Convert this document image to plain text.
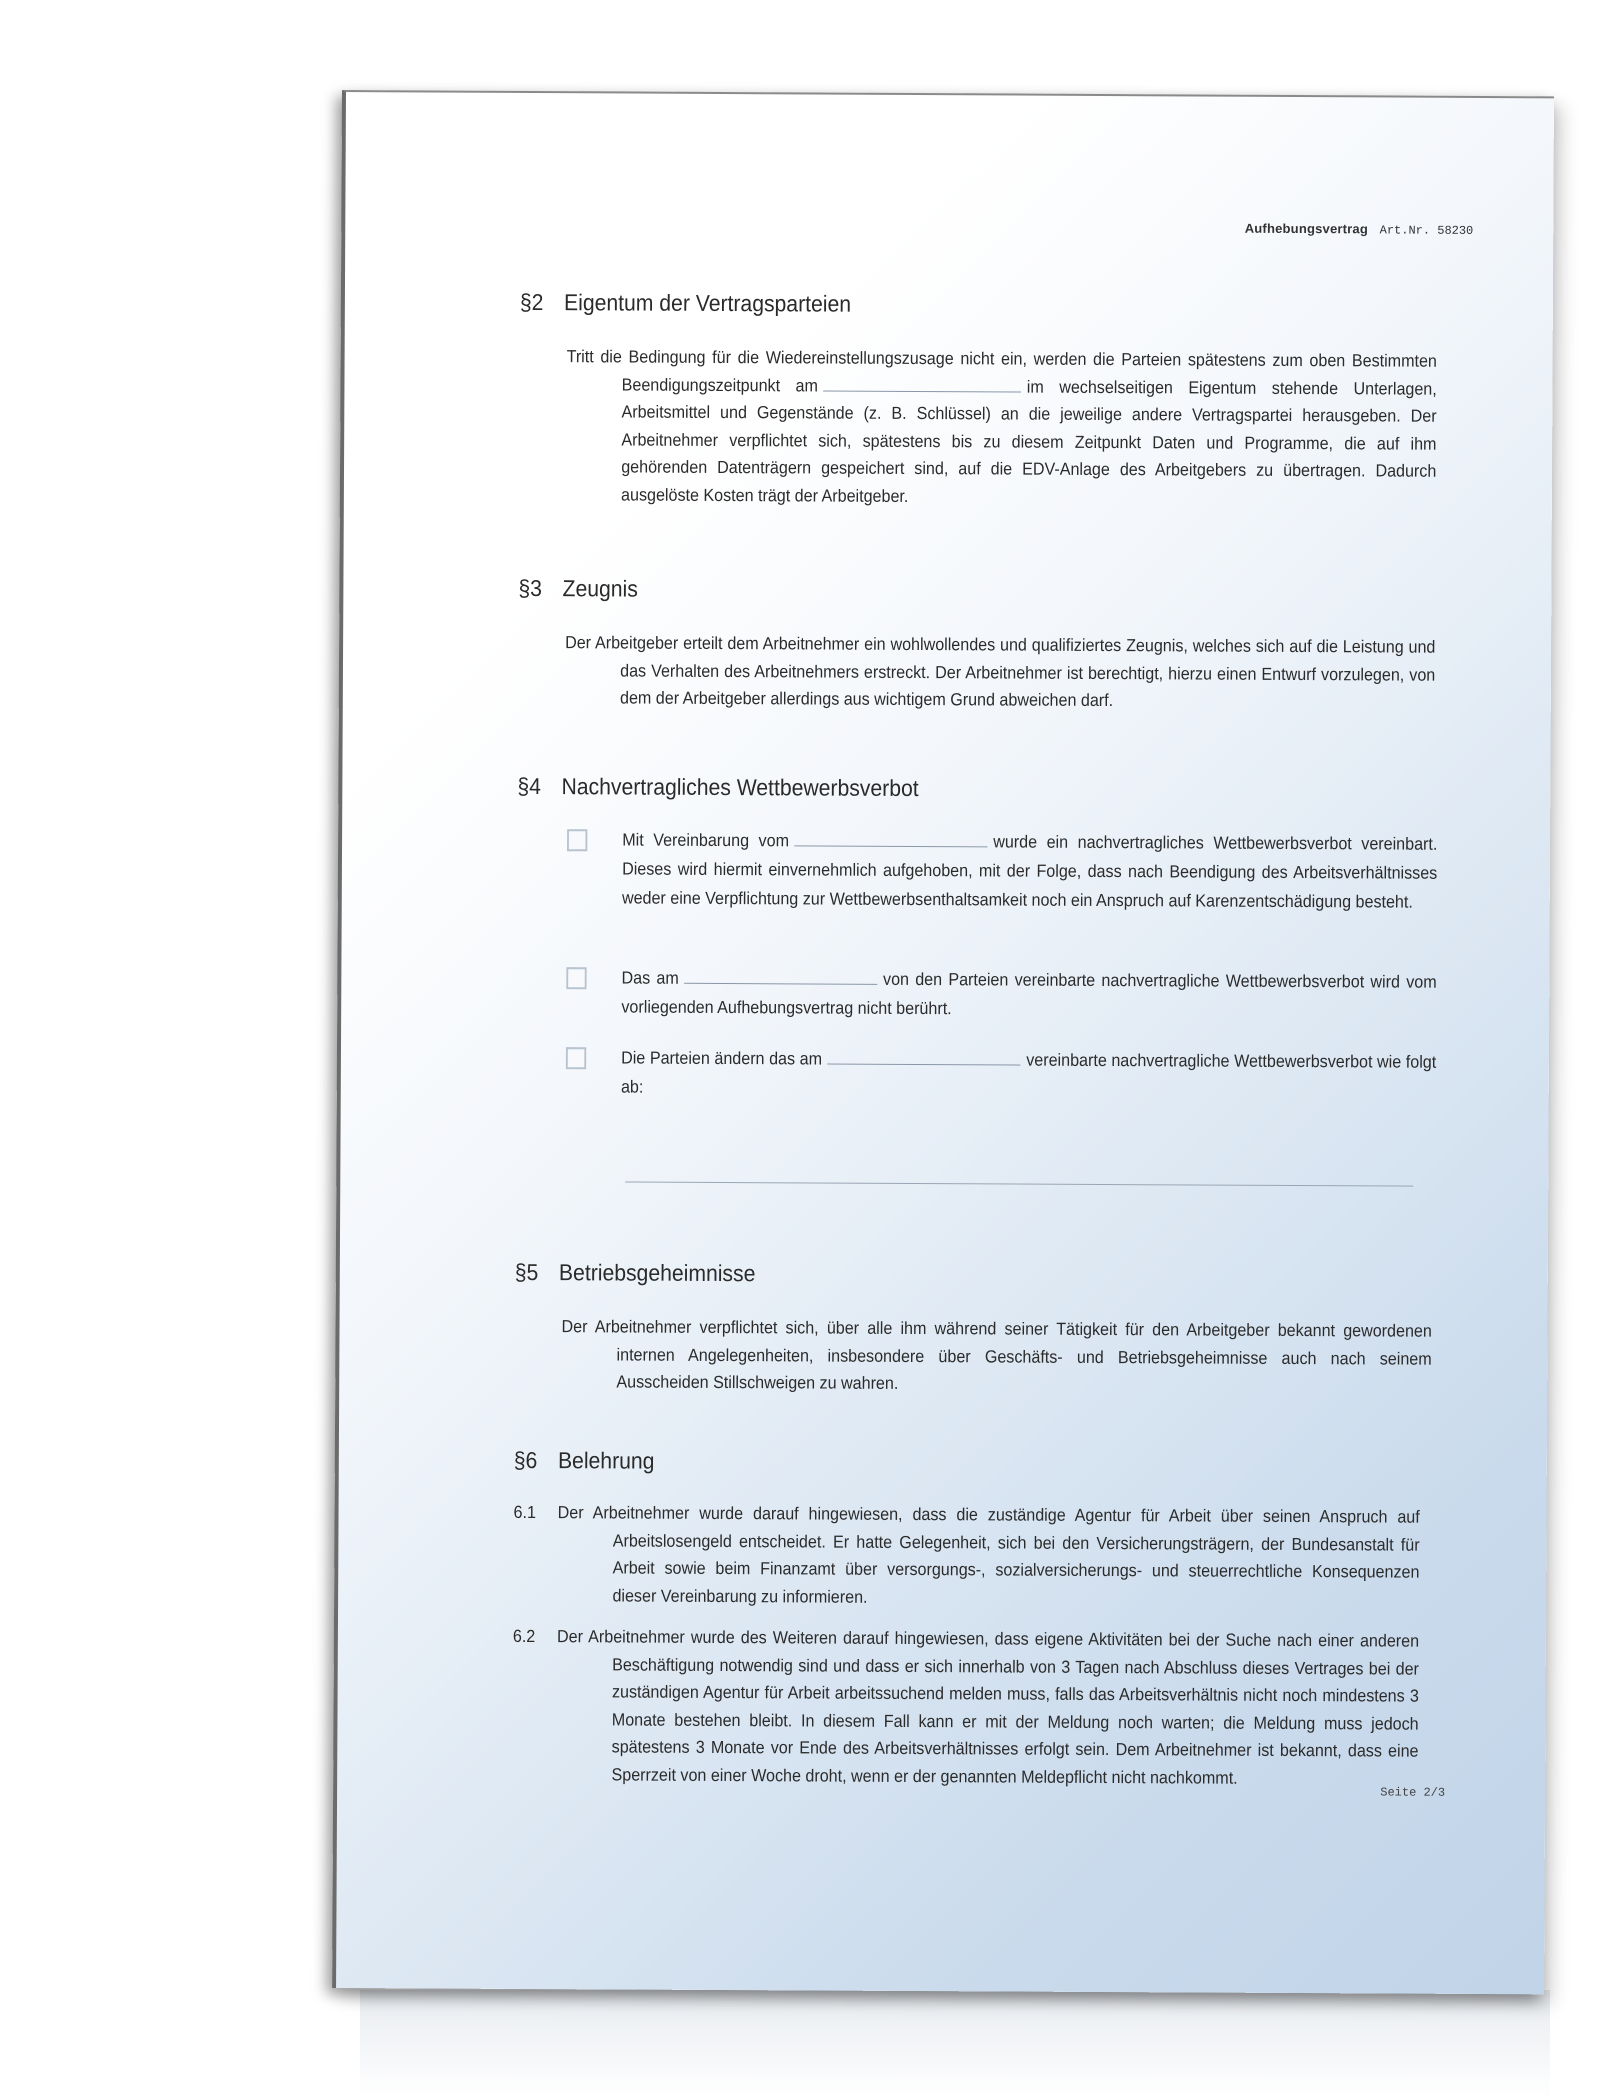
Aufhebungsvertrag Art.Nr. 58230
§2 Eigentum der Vertragsparteien
Tritt die Bedingung für die Wiedereinstellungszusage nicht ein, werden die Parteien spätestens zum oben Bestimmten Beendigungszeitpunkt am	im wechselseitigen Eigentum stehende Unterlagen, Arbeitsmittel und Gegenstände (z. B. Schlüssel) an die jeweilige andere Vertragspartei herausgeben. Der Arbeitnehmer verpflichtet sich, spätestens bis zu diesem Zeitpunkt Daten und Programme, die auf ihm gehörenden Datenträgern gespeichert sind, auf die EDV-Anlage des Arbeitgebers zu übertragen. Dadurch ausgelöste Kosten trägt der Arbeitgeber.
§3 Zeugnis
Der Arbeitgeber erteilt dem Arbeitnehmer ein wohlwollendes und qualifiziertes Zeugnis, welches sich auf die Leistung und das Verhalten des Arbeitnehmers erstreckt. Der Arbeitnehmer ist berechtigt, hierzu einen Entwurf vorzulegen, von dem der Arbeitgeber allerdings aus wichtigem Grund abweichen darf.
§4 Nachvertragliches Wettbewerbsverbot
Mit Vereinbarung vom	wurde ein nachvertragliches Wettbewerbsverbot vereinbart. Dieses wird hiermit einvernehmlich aufgehoben, mit der Folge, dass nach Beendigung des Arbeitsverhältnisses weder eine Verpflichtung zur Wettbewerbsenthaltsamkeit noch ein Anspruch auf Karenzentschädigung besteht.
Das am	von den Parteien vereinbarte nachvertragliche Wettbewerbsverbot wird vom vorliegenden Aufhebungsvertrag nicht berührt.
Die Parteien ändern das am	vereinbarte nachvertragliche Wettbewerbsverbot wie folgt ab:
§5 Betriebsgeheimnisse
Der Arbeitnehmer verpflichtet sich, über alle ihm während seiner Tätigkeit für den Arbeitgeber bekannt gewordenen internen Angelegenheiten, insbesondere über Geschäfts- und Betriebsgeheimnisse auch nach seinem Ausscheiden Stillschweigen zu wahren.
§6 Belehrung
6.1 Der Arbeitnehmer wurde darauf hingewiesen, dass die zuständige Agentur für Arbeit über seinen Anspruch auf Arbeitslosengeld entscheidet. Er hatte Gelegenheit, sich bei den Versicherungsträgern, der Bundesanstalt für Arbeit sowie beim Finanzamt über versorgungs-, sozialversicherungs- und steuerrechtliche Konsequenzen dieser Vereinbarung zu informieren.
6.2 Der Arbeitnehmer wurde des Weiteren darauf hingewiesen, dass eigene Aktivitäten bei der Suche nach einer anderen Beschäftigung notwendig sind und dass er sich innerhalb von 3 Tagen nach Abschluss dieses Vertrages bei der zuständigen Agentur für Arbeit arbeitssuchend melden muss, falls das Arbeitsverhältnis nicht noch mindestens 3 Monate bestehen bleibt. In diesem Fall kann er mit der Meldung noch warten; die Meldung muss jedoch spätestens 3 Monate vor Ende des Arbeitsverhältnisses erfolgt sein. Dem Arbeitnehmer ist bekannt, dass eine Sperrzeit von einer Woche droht, wenn er der genannten Meldepflicht nicht nachkommt.
Seite 2/3
